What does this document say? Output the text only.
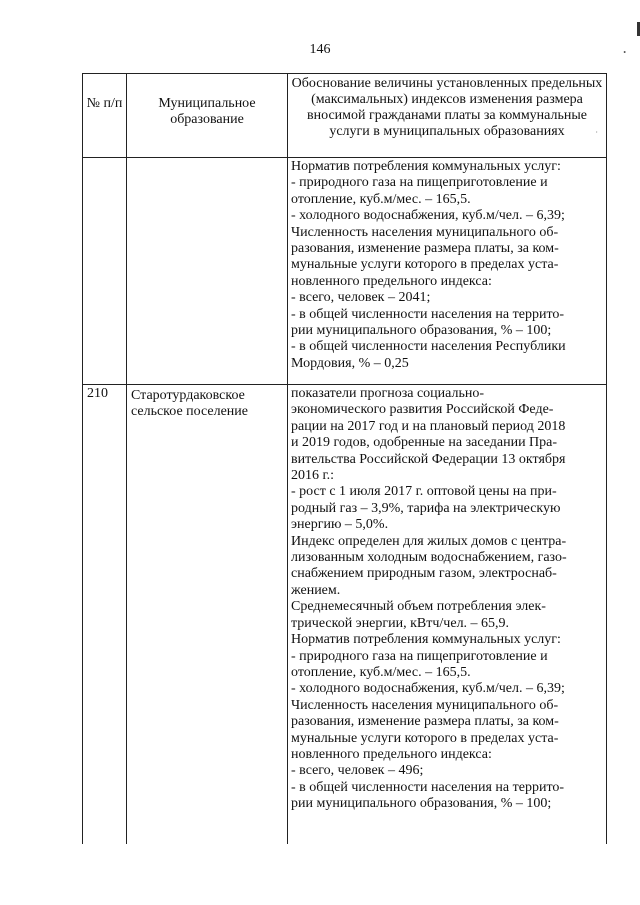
146	•
·
№ п/п	Муниципальное образование
Обоснование величины установленных предельных (максимальных) индексов изменения размера вносимой гражданами платы за коммунальные услуги в муниципальных образованиях
Норматив потребления коммунальных услуг:
- природного газа на пищеприготовление и
отопление, куб.м/мес. – 165,5.
- холодного водоснабжения, куб.м/чел. – 6,39;
Численность населения муниципального об-
разования, изменение размера платы, за ком-
мунальные услуги которого в пределах уста-
новленного предельного индекса:
- всего, человек – 2041;
- в общей численности населения на террито-
рии муниципального образования, % – 100;
- в общей численности населения Республики
Мордовия, % – 0,25
210 Старотурдаковское сельское поселение
показатели прогноза социально-
экономического развития Российской Феде-
рации на 2017 год и на плановый период 2018
и 2019 годов, одобренные на заседании Пра-
вительства Российской Федерации 13 октября
2016 г.:
- рост с 1 июля 2017 г. оптовой цены на при-
родный газ – 3,9%, тарифа на электрическую
энергию – 5,0%.
Индекс определен для жилых домов с центра-
лизованным холодным водоснабжением, газо-
снабжением природным газом, электроснаб-
жением.
Среднемесячный объем потребления элек-
трической энергии, кВтч/чел. – 65,9.
Норматив потребления коммунальных услуг:
- природного газа на пищеприготовление и
отопление, куб.м/мес. – 165,5.
- холодного водоснабжения, куб.м/чел. – 6,39;
Численность населения муниципального об-
разования, изменение размера платы, за ком-
мунальные услуги которого в пределах уста-
новленного предельного индекса:
- всего, человек – 496;
- в общей численности населения на террито-
рии муниципального образования, % – 100;
